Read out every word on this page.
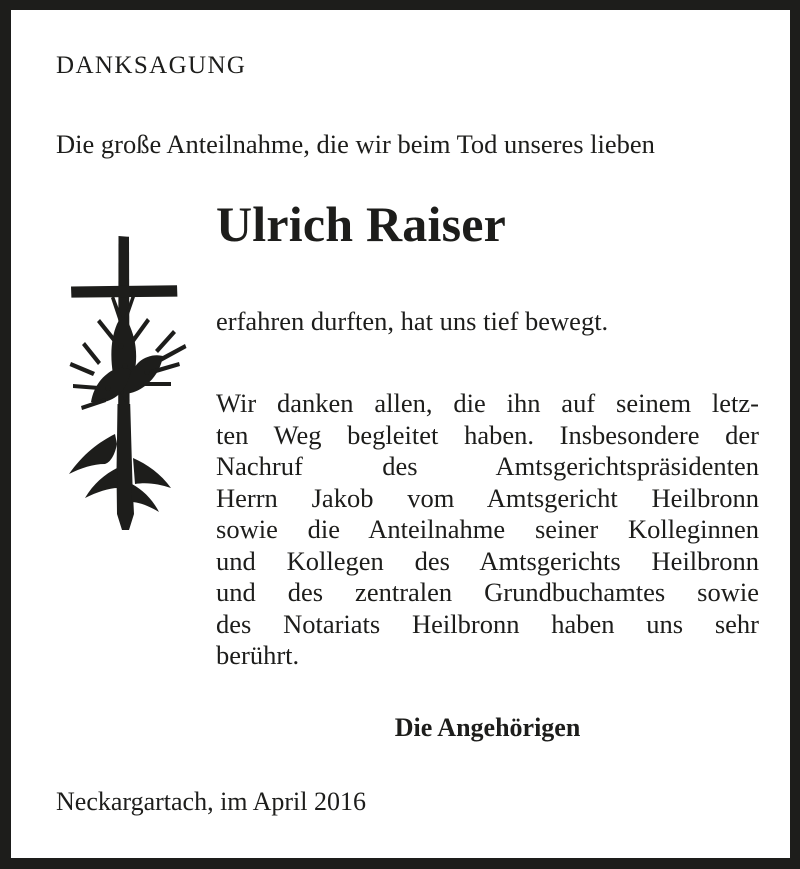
DANKSAGUNG
Die große Anteilnahme, die wir beim Tod unseres lieben
Ulrich Raiser
erfahren durften, hat uns tief bewegt.
Wir danken allen, die ihn auf seinem letz-
ten Weg begleitet haben. Insbesondere der
Nachruf des Amtsgerichtspräsidenten
Herrn Jakob vom Amtsgericht Heilbronn
sowie die Anteilnahme seiner Kolleginnen
und Kollegen des Amtsgerichts Heilbronn
und des zentralen Grundbuchamtes sowie
des Notariats Heilbronn haben uns sehr
berührt.
Die Angehörigen
Neckargartach, im April 2016
